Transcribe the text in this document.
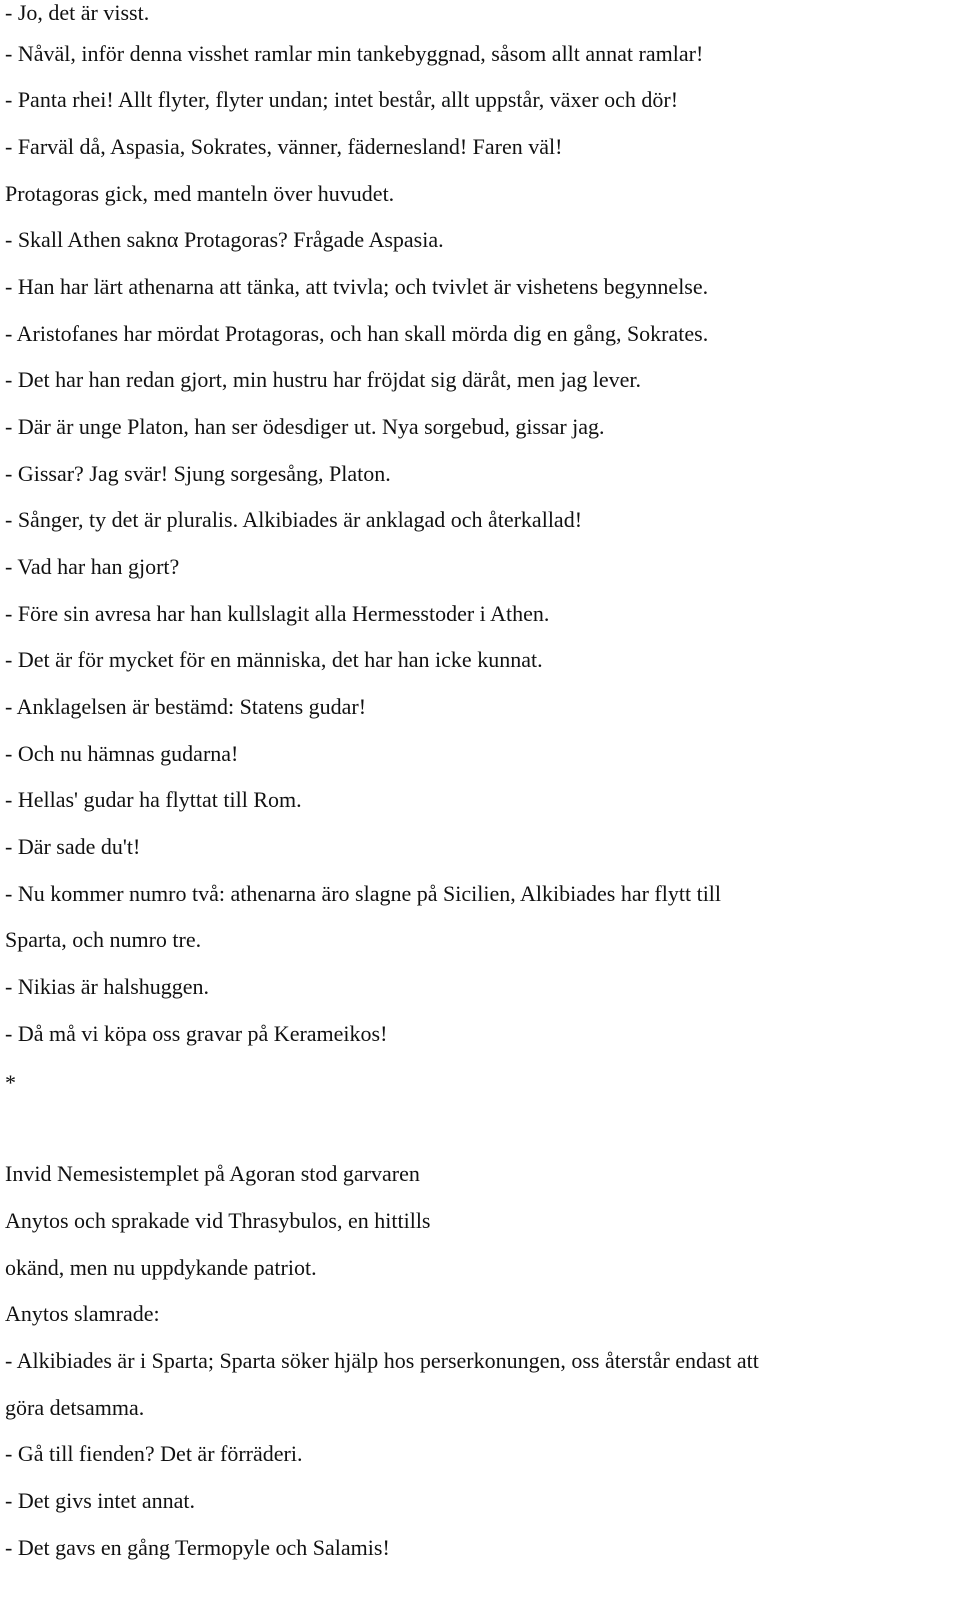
- Jo, det är visst.
- Nåväl, inför denna visshet ramlar min tankebyggnad, såsom allt annat ramlar!
- Panta rhei! Allt flyter, flyter undan; intet består, allt uppstår, växer och dör!
- Farväl då, Aspasia, Sokrates, vänner, fädernesland! Faren väl!
Protagoras gick, med manteln över huvudet.
- Skall Athen saknα Protagoras? Frågade Aspasia.
- Han har lärt athenarna att tänka, att tvivla; och tvivlet är vishetens begynnelse.
- Aristofanes har mördat Protagoras, och han skall mörda dig en gång, Sokrates.
- Det har han redan gjort, min hustru har fröjdat sig däråt, men jag lever.
- Där är unge Platon, han ser ödesdiger ut. Nya sorgebud, gissar jag.
- Gissar? Jag svär! Sjung sorgesång, Platon.
- Sånger, ty det är pluralis. Alkibiades är anklagad och återkallad!
- Vad har han gjort?
- Före sin avresa har han kullslagit alla Hermesstoder i Athen.
- Det är för mycket för en människa, det har han icke kunnat.
- Anklagelsen är bestämd: Statens gudar!
- Och nu hämnas gudarna!
- Hellas' gudar ha flyttat till Rom.
- Där sade du't!
- Nu kommer numro två: athenarna äro slagne på Sicilien, Alkibiades har flytt till
Sparta, och numro tre.
- Nikias är halshuggen.
- Då må vi köpa oss gravar på Kerameikos!
*
Invid Nemesistemplet på Agoran stod garvaren
Anytos och sprakade vid Thrasybulos, en hittills
okänd, men nu uppdykande patriot.
Anytos slamrade:
- Alkibiades är i Sparta; Sparta söker hjälp hos perserkonungen, oss återstår endast att
göra detsamma.
- Gå till fienden? Det är förräderi.
- Det givs intet annat.
- Det gavs en gång Termopyle och Salamis!
